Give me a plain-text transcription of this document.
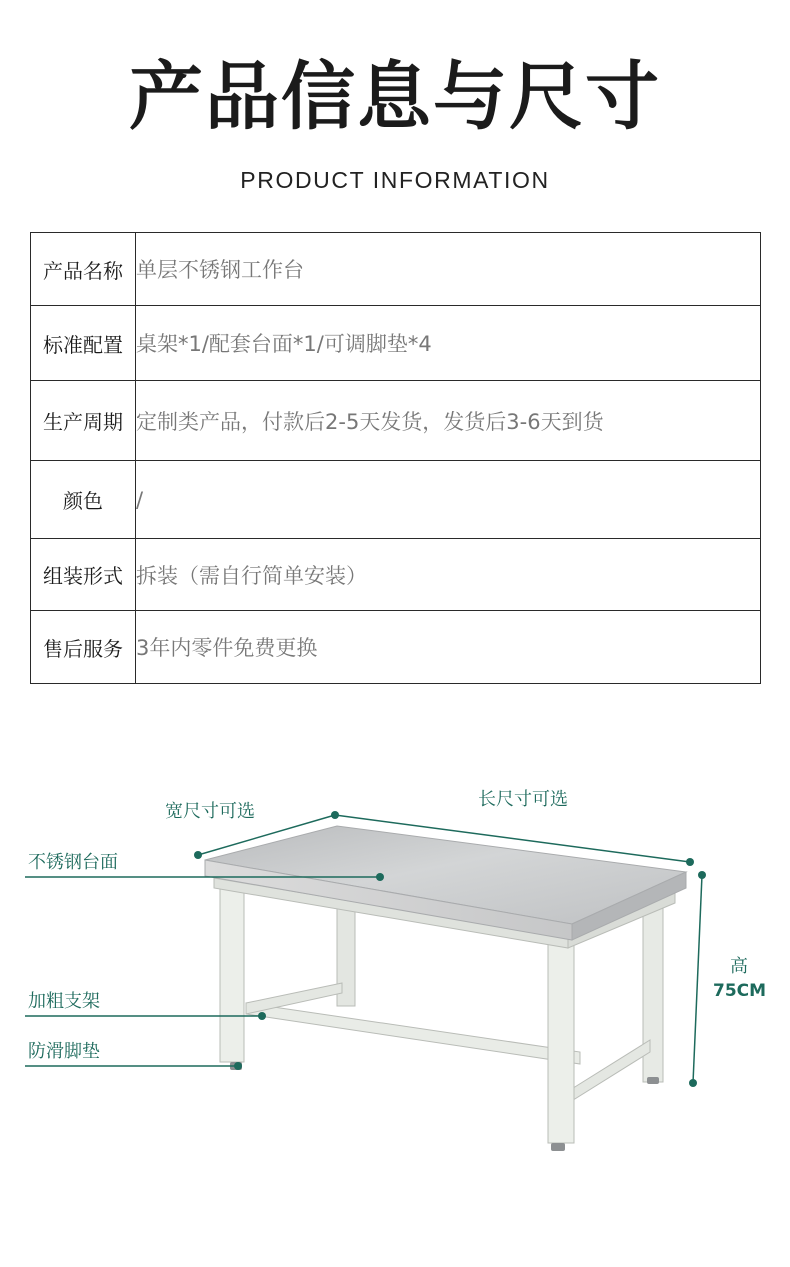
产品信息与尺寸
PRODUCT INFORMATION
产品名称	单层不锈钢工作台
标准配置	桌架*1/配套台面*1/可调脚垫*4
生产周期	定制类产品，付款后2-5天发货，发货后3-6天到货
颜色	/
组装形式	拆装（需自行简单安装）
售后服务	3年内零件免费更换
宽尺寸可选
长尺寸可选
高
75CM
不锈钢台面
加粗支架
防滑脚垫
